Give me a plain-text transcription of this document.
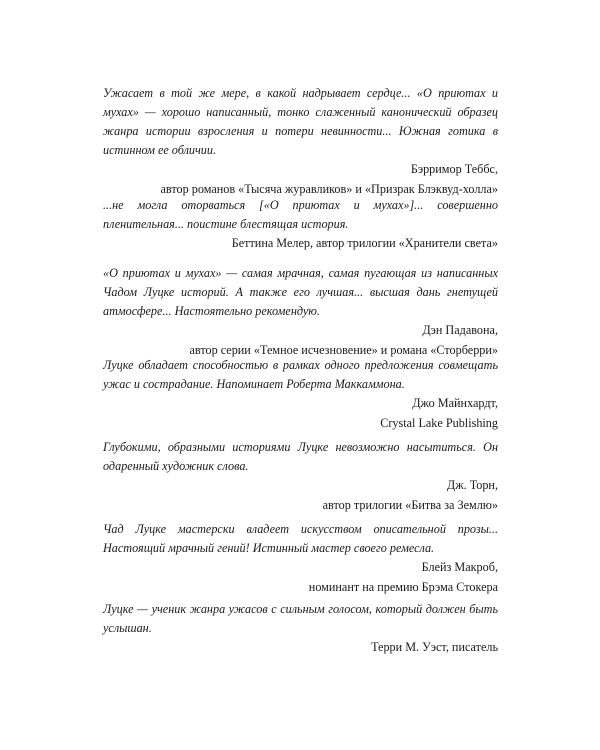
Ужасает в той же мере, в какой надрывает сердце... «О приютах и мухах» — хорошо написанный, тонко слаженный канонический образец жанра истории взросления и потери невинности... Южная готика в истинном ее обличии.

Бэрримор Теббс,
автор романов «Тысяча журавликов» и «Призрак Блэквуд-холла»

...не могла оторваться [«О приютах и мухах»]... совершенно пленительная... поистине блестящая история.

Беттина Мелер, автор трилогии «Хранители света»

«О приютах и мухах» — самая мрачная, самая пугающая из написанных Чадом Луцке историй. А также его лучшая... высшая дань гнетущей атмосфере... Настоятельно рекомендую.

Дэн Падавона,
автор серии «Темное исчезновение» и романа «Сторберри»

Луцке обладает способностью в рамках одного предложения совмещать ужас и сострадание. Напоминает Роберта Маккаммона.

Джо Майнхардт,
Crystal Lake Publishing

Глубокими, образными историями Луцке невозможно насытиться. Он одаренный художник слова.

Дж. Торн,
автор трилогии «Битва за Землю»

Чад Луцке мастерски владеет искусством описательной прозы... Настоящий мрачный гений! Истинный мастер своего ремесла.

Блейз Макроб,
номинант на премию Брэма Стокера

Луцке — ученик жанра ужасов с сильным голосом, который должен быть услышан.

Терри М. Уэст, писатель
